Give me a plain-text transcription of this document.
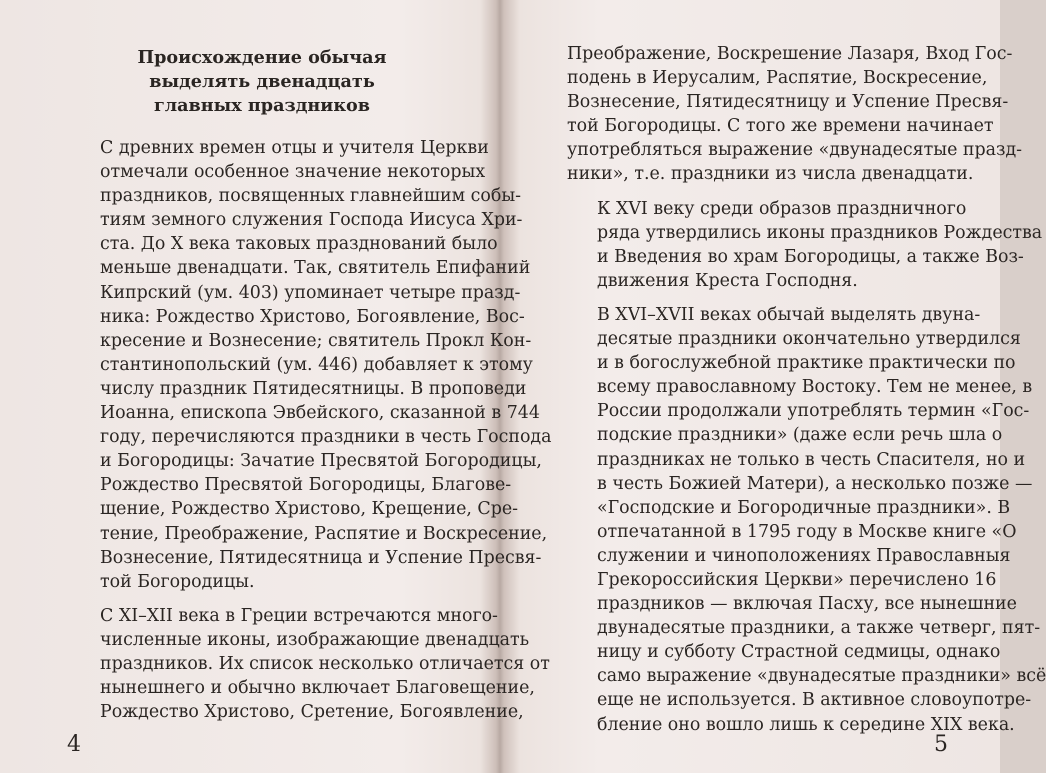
Происхождение обычая
выделять двенадцать
главных праздников

С древних времен отцы и учителя Церкви
отмечали особенное значение некоторых
праздников, посвященных главнейшим собы-
тиям земного служения Господа Иисуса Хри-
ста. До X века таковых празднований было
меньше двенадцати. Так, святитель Епифаний
Кипрский (ум. 403) упоминает четыре празд-
ника: Рождество Христово, Богоявление, Вос-
кресение и Вознесение; святитель Прокл Кон-
стантинопольский (ум. 446) добавляет к этому
числу праздник Пятидесятницы. В проповеди
Иоанна, епископа Эвбейского, сказанной в 744
году, перечисляются праздники в честь Господа
и Богородицы: Зачатие Пресвятой Богородицы,
Рождество Пресвятой Богородицы, Благове-
щение, Рождество Христово, Крещение, Сре-
тение, Преображение, Распятие и Воскресение,
Вознесение, Пятидесятница и Успение Пресвя-
той Богородицы.

С XI–XII века в Греции встречаются много-
численные иконы, изображающие двенадцать
праздников. Их список несколько отличается от
нынешнего и обычно включает Благовещение,
Рождество Христово, Сретение, Богоявление,

4

Преображение, Воскрешение Лазаря, Вход Гос-
подень в Иерусалим, Распятие, Воскресение,
Вознесение, Пятидесятницу и Успение Пресвя-
той Богородицы. С того же времени начинает
употребляться выражение «двунадесятые празд-
ники», т.е. праздники из числа двенадцати.

К XVI веку среди образов праздничного
ряда утвердились иконы праздников Рождества
и Введения во храм Богородицы, а также Воз-
движения Креста Господня.

В XVI–XVII веках обычай выделять двуна-
десятые праздники окончательно утвердился
и в богослужебной практике практически по
всему православному Востоку. Тем не менее, в
России продолжали употреблять термин «Гос-
подские праздники» (даже если речь шла о
праздниках не только в честь Спасителя, но и
в честь Божией Матери), а несколько позже —
«Господские и Богородичные праздники». В
отпечатанной в 1795 году в Москве книге «О
служении и чиноположениях Православныя
Грекороссийския Церкви» перечислено 16
праздников — включая Пасху, все нынешние
двунадесятые праздники, а также четверг, пят-
ницу и субботу Страстной седмицы, однако
само выражение «двунадесятые праздники» всё
еще не используется. В активное словоупотре-
бление оно вошло лишь к середине XIX века.

5
